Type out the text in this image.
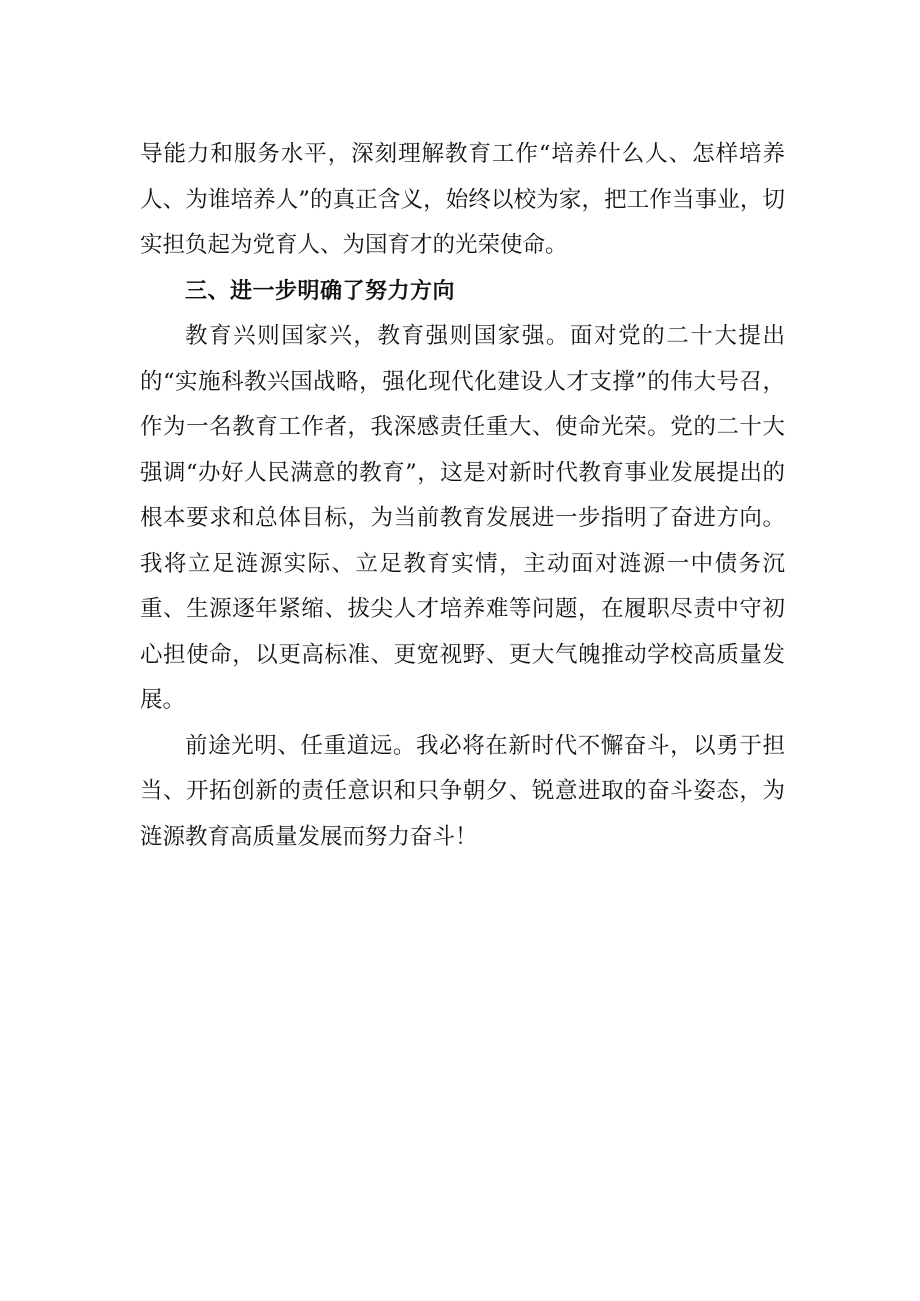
导能力和服务水平，深刻理解教育工作“培养什么人、怎样培养人、为谁培养人”的真正含义，始终以校为家，把工作当事业，切实担负起为党育人、为国育才的光荣使命。

三、进一步明确了努力方向

教育兴则国家兴，教育强则国家强。面对党的二十大提出的“实施科教兴国战略，强化现代化建设人才支撑”的伟大号召，作为一名教育工作者，我深感责任重大、使命光荣。党的二十大强调“办好人民满意的教育”，这是对新时代教育事业发展提出的根本要求和总体目标，为当前教育发展进一步指明了奋进方向。我将立足涟源实际、立足教育实情，主动面对涟源一中债务沉重、生源逐年紧缩、拔尖人才培养难等问题，在履职尽责中守初心担使命，以更高标准、更宽视野、更大气魄推动学校高质量发展。

前途光明、任重道远。我必将在新时代不懈奋斗，以勇于担当、开拓创新的责任意识和只争朝夕、锐意进取的奋斗姿态，为涟源教育高质量发展而努力奋斗！
